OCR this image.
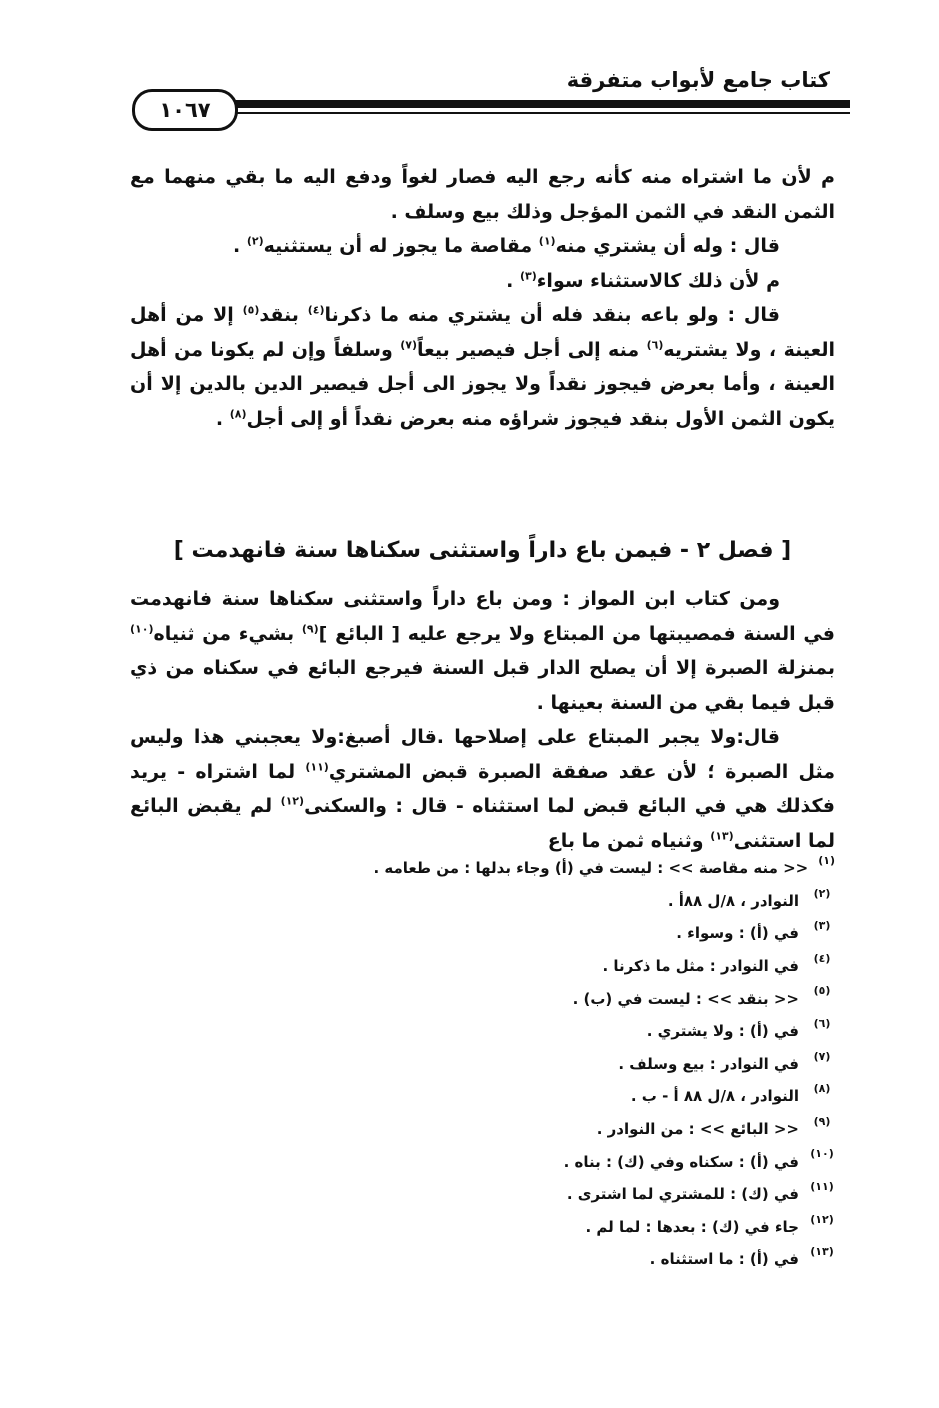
كتاب جامع لأبواب متفرقة
١٠٦٧

م لأن ما اشتراه منه كأنه رجع اليه فصار لغواً ودفع اليه ما بقي منهما مع الثمن النقد في الثمن المؤجل وذلك بيع وسلف .

قال : وله أن يشتري منه$^{(١)}$ مقاصة ما يجوز له أن يستثنيه$^{(٢)}$ .

م لأن ذلك كالاستثناء سواء$^{(٣)}$ .

قال : ولو باعه بنقد فله أن يشتري منه ما ذكرنا$^{(٤)}$ بنقد$^{(٥)}$ إلا من أهل العينة ، ولا يشتريه$^{(٦)}$ منه إلى أجل فيصير بيعاً$^{(٧)}$ وسلفاً وإن لم يكونا من أهل العينة ، وأما بعرض فيجوز نقداً ولا يجوز الى أجل فيصير الدين بالدين إلا أن يكون الثمن الأول بنقد فيجوز شراؤه منه بعرض نقداً أو إلى أجل$^{(٨)}$ .

[ فصل ٢ - فيمن باع داراً واستثنى سكناها سنة فانهدمت ]

ومن كتاب ابن المواز : ومن باع داراً واستثنى سكناها سنة فانهدمت في السنة فمصيبتها من المبتاع ولا يرجع عليه [ البائع ]$^{(٩)}$ بشيء من ثنياه$^{(١٠)}$ بمنزلة الصبرة إلا أن يصلح الدار قبل السنة فيرجع البائع في سكناه من ذي قبل فيما بقي من السنة بعينها .

قال:ولا يجبر المبتاع على إصلاحها .قال أصبغ:ولا يعجبني هذا وليس مثل الصبرة ؛ لأن عقد صفقة الصبرة قبض المشتري$^{(١١)}$ لما اشتراه - يريد فكذلك هي في البائع قبض لما استثناه - قال : والسكنى$^{(١٢)}$ لم يقبض البائع لما استثنى$^{(١٣)}$ وثنياه ثمن ما باع

(١)
<< منه مقاصة >> : ليست في (أ) وجاء بدلها : من طعامه .
(٢)
النوادر ، ٨/ل ٨٨أ .
(٣)
في (أ) : وسواء .
(٤)
في النوادر : مثل ما ذكرنا .
(٥)
<< بنقد >> : ليست في (ب) .
(٦)
في (أ) : ولا يشتري .
(٧)
في النوادر : بيع وسلف .
(٨)
النوادر ، ٨/ل ٨٨ أ - ب .
(٩)
<< البائع >> : من النوادر .
(١٠)
في (أ) : سكناه وفي (ك) : بناه .
(١١)
في (ك) : للمشتري لما اشترى .
(١٢)
جاء في (ك) : بعدها : لما لم .
(١٣)
في (أ) : ما استثناه .
